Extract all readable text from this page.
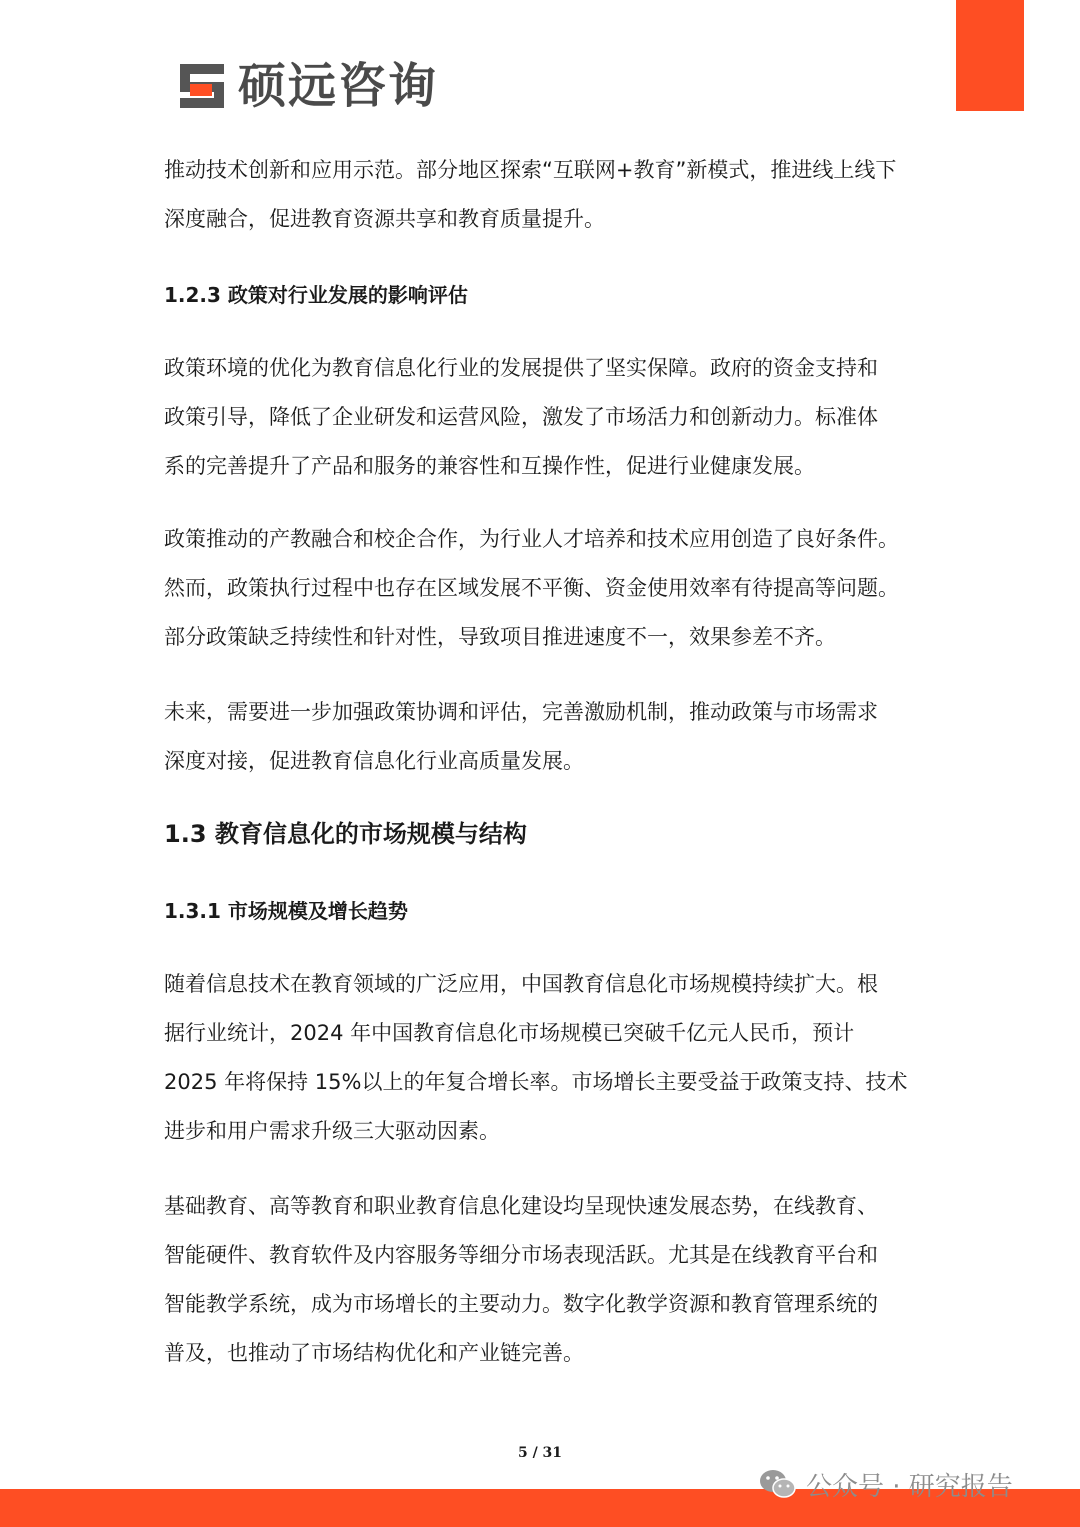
硕远咨询
推动技术创新和应用示范。部分地区探索“互联网+教育”新模式，推进线上线下
深度融合，促进教育资源共享和教育质量提升。
1.2.3 政策对行业发展的影响评估
政策环境的优化为教育信息化行业的发展提供了坚实保障。政府的资金支持和
政策引导，降低了企业研发和运营风险，激发了市场活力和创新动力。标准体
系的完善提升了产品和服务的兼容性和互操作性，促进行业健康发展。
政策推动的产教融合和校企合作，为行业人才培养和技术应用创造了良好条件。
然而，政策执行过程中也存在区域发展不平衡、资金使用效率有待提高等问题。
部分政策缺乏持续性和针对性，导致项目推进速度不一，效果参差不齐。
未来，需要进一步加强政策协调和评估，完善激励机制，推动政策与市场需求
深度对接，促进教育信息化行业高质量发展。
1.3 教育信息化的市场规模与结构
1.3.1 市场规模及增长趋势
随着信息技术在教育领域的广泛应用，中国教育信息化市场规模持续扩大。根
据行业统计，2024 年中国教育信息化市场规模已突破千亿元人民币，预计
2025 年将保持 15%以上的年复合增长率。市场增长主要受益于政策支持、技术
进步和用户需求升级三大驱动因素。
基础教育、高等教育和职业教育信息化建设均呈现快速发展态势，在线教育、
智能硬件、教育软件及内容服务等细分市场表现活跃。尤其是在线教育平台和
智能教学系统，成为市场增长的主要动力。数字化教学资源和教育管理系统的
普及，也推动了市场结构优化和产业链完善。
5 / 31
公众号 · 研究报告
